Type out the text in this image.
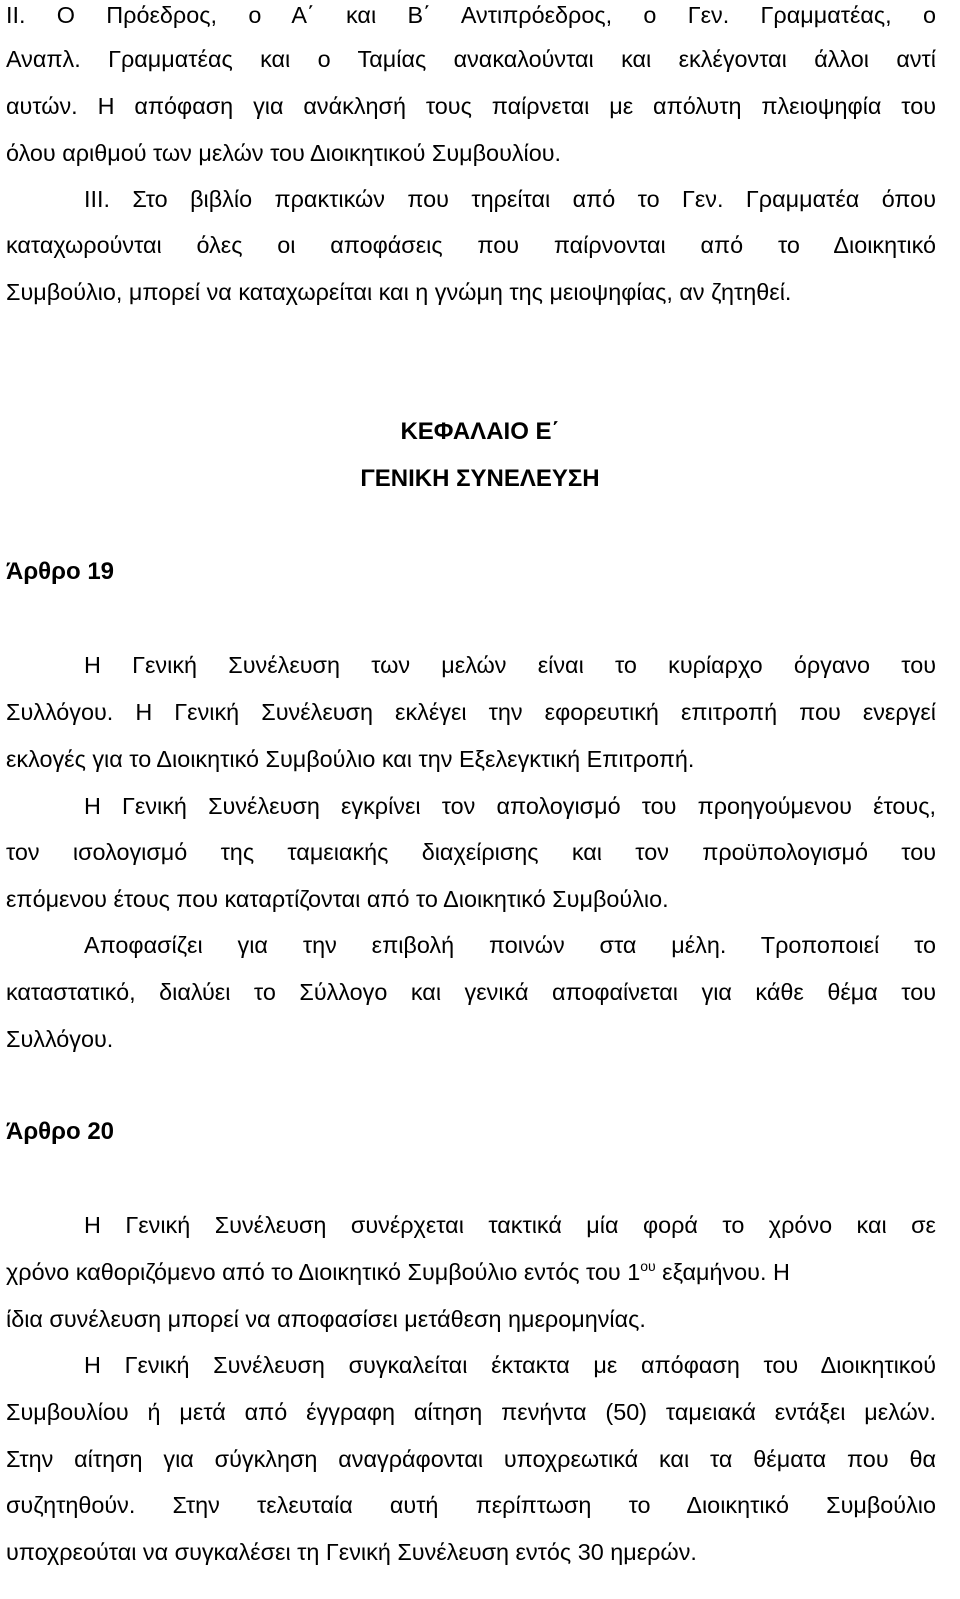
ΙΙ. Ο Πρόεδρος, ο Α΄ και Β΄ Αντιπρόεδρος, ο Γεν. Γραμματέας, ο
Αναπλ. Γραμματέας και ο Ταμίας ανακαλούνται και εκλέγονται άλλοι αντί
αυτών. Η απόφαση για ανάκλησή τους παίρνεται με απόλυτη πλειοψηφία του
όλου αριθμού των μελών του Διοικητικού Συμβουλίου.
ΙΙΙ. Στο βιβλίο πρακτικών που τηρείται από το Γεν. Γραμματέα όπου
καταχωρούνται όλες οι αποφάσεις που παίρνονται από το Διοικητικό
Συμβούλιο, μπορεί να καταχωρείται και η γνώμη της μειοψηφίας, αν ζητηθεί.
ΚΕΦΑΛΑΙΟ Ε΄
ΓΕΝΙΚΗ ΣΥΝΕΛΕΥΣΗ
Άρθρο 19
Η Γενική Συνέλευση των μελών είναι το κυρίαρχο όργανο του
Συλλόγου. Η Γενική Συνέλευση εκλέγει την εφορευτική επιτροπή που ενεργεί
εκλογές για το Διοικητικό Συμβούλιο και την Εξελεγκτική Επιτροπή.
Η Γενική Συνέλευση εγκρίνει τον απολογισμό του προηγούμενου έτους,
τον ισολογισμό της ταμειακής διαχείρισης και τον προϋπολογισμό του
επόμενου έτους που καταρτίζονται από το Διοικητικό Συμβούλιο.
Αποφασίζει για την επιβολή ποινών στα μέλη. Τροποποιεί το
καταστατικό, διαλύει το Σύλλογο και γενικά αποφαίνεται για κάθε θέμα του
Συλλόγου.
Άρθρο 20
Η Γενική Συνέλευση συνέρχεται τακτικά μία φορά το χρόνο και σε
χρόνο καθοριζόμενο από το Διοικητικό Συμβούλιο εντός του $1^{o\upsilon}$ εξαμήνου. Η
ίδια συνέλευση μπορεί να αποφασίσει μετάθεση ημερομηνίας.
Η Γενική Συνέλευση συγκαλείται έκτακτα με απόφαση του Διοικητικού
Συμβουλίου ή μετά από έγγραφη αίτηση πενήντα (50) ταμειακά εντάξει μελών.
Στην αίτηση για σύγκληση αναγράφονται υποχρεωτικά και τα θέματα που θα
συζητηθούν. Στην τελευταία αυτή περίπτωση το Διοικητικό Συμβούλιο
υποχρεούται να συγκαλέσει τη Γενική Συνέλευση εντός 30 ημερών.
